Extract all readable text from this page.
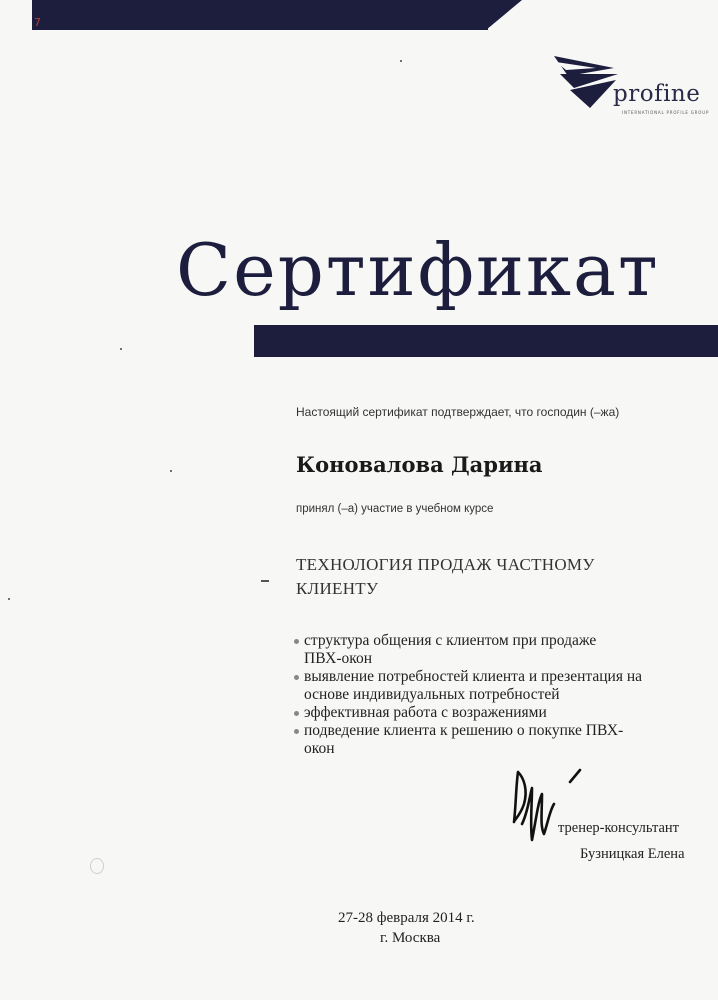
7
profine
INTERNATIONAL PROFILE GROUP
Сертификат
Настоящий сертификат подтверждает, что господин (–жа)
Коновалова Дарина
принял (–а) участие в учебном курсе
ТЕХНОЛОГИЯ ПРОДАЖ ЧАСТНОМУ
КЛИЕНТУ
структура общения с клиентом при продаже
ПВХ-окон
выявление потребностей клиента и презентация на
основе индивидуальных потребностей
эффективная работа с возражениями
подведение клиента к решению о покупке ПВХ-
окон
тренер-консультант
Бузницкая Елена
27-28 февраля 2014 г.
г. Москва
